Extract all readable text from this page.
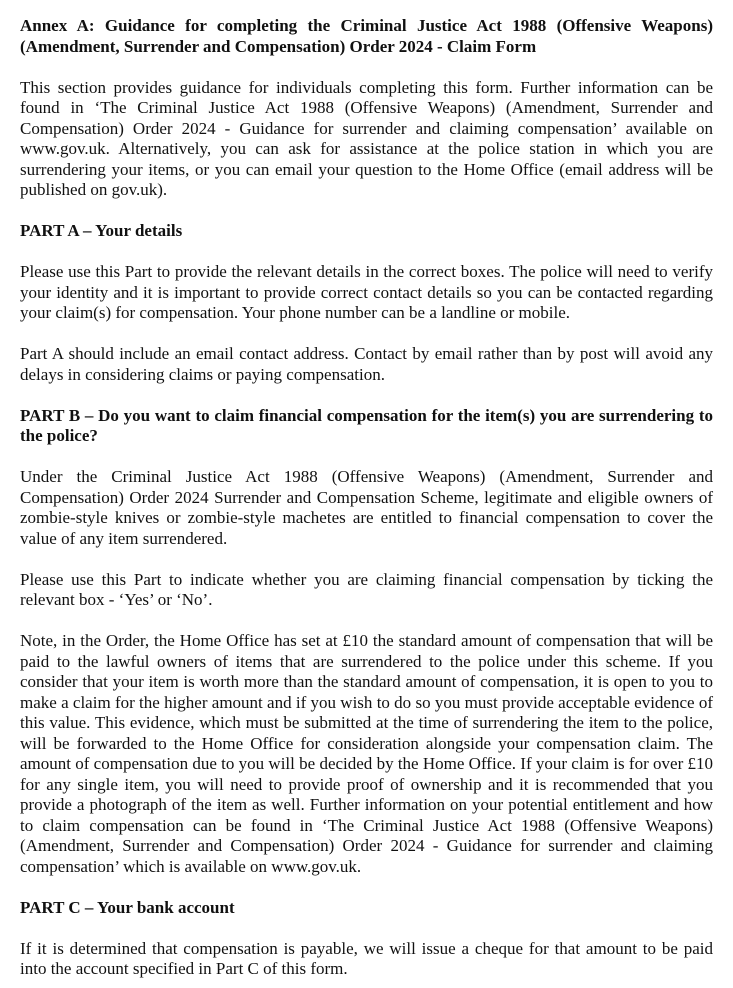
Annex A: Guidance for completing the Criminal Justice Act 1988 (Offensive Weapons) (Amendment, Surrender and Compensation) Order 2024 - Claim Form

This section provides guidance for individuals completing this form. Further information can be found in ‘The Criminal Justice Act 1988 (Offensive Weapons) (Amendment, Surrender and Compensation) Order 2024 - Guidance for surrender and claiming compensation’ available on www.gov.uk. Alternatively, you can ask for assistance at the police station in which you are surrendering your items, or you can email your question to the Home Office (email address will be published on gov.uk).

PART A – Your details

Please use this Part to provide the relevant details in the correct boxes. The police will need to verify your identity and it is important to provide correct contact details so you can be contacted regarding your claim(s) for compensation. Your phone number can be a landline or mobile.

Part A should include an email contact address. Contact by email rather than by post will avoid any delays in considering claims or paying compensation.

PART B – Do you want to claim financial compensation for the item(s) you are surrendering to the police?

Under the Criminal Justice Act 1988 (Offensive Weapons) (Amendment, Surrender and Compensation) Order 2024 Surrender and Compensation Scheme, legitimate and eligible owners of zombie-style knives or zombie-style machetes are entitled to financial compensation to cover the value of any item surrendered.

Please use this Part to indicate whether you are claiming financial compensation by ticking the relevant box - ‘Yes’ or ‘No’.

Note, in the Order, the Home Office has set at £10 the standard amount of compensation that will be paid to the lawful owners of items that are surrendered to the police under this scheme. If you consider that your item is worth more than the standard amount of compensation, it is open to you to make a claim for the higher amount and if you wish to do so you must provide acceptable evidence of this value. This evidence, which must be submitted at the time of surrendering the item to the police, will be forwarded to the Home Office for consideration alongside your compensation claim. The amount of compensation due to you will be decided by the Home Office. If your claim is for over £10 for any single item, you will need to provide proof of ownership and it is recommended that you provide a photograph of the item as well. Further information on your potential entitlement and how to claim compensation can be found in ‘The Criminal Justice Act 1988 (Offensive Weapons) (Amendment, Surrender and Compensation) Order 2024 - Guidance for surrender and claiming compensation’ which is available on www.gov.uk.

PART C – Your bank account

If it is determined that compensation is payable, we will issue a cheque for that amount to be paid into the account specified in Part C of this form.
